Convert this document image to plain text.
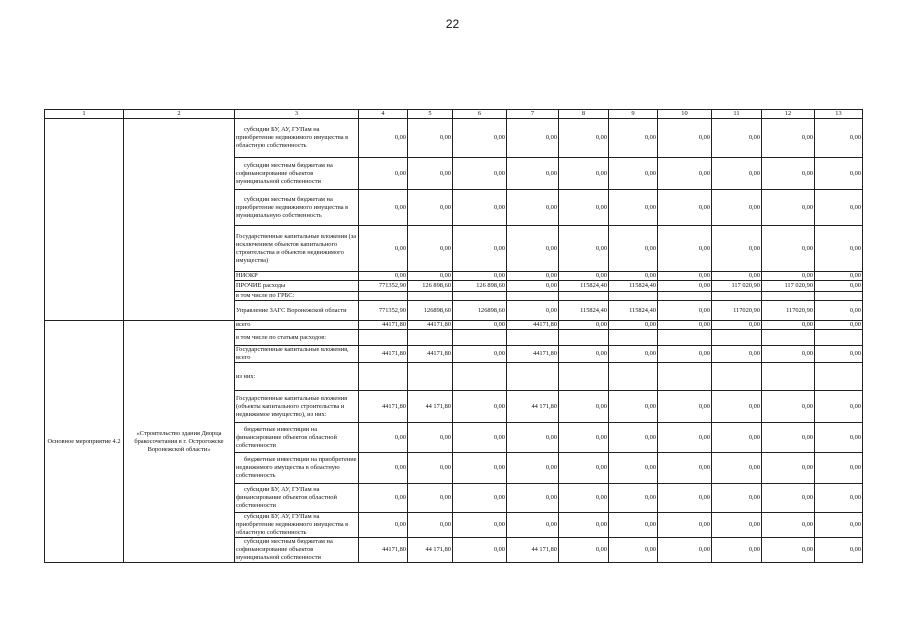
22
1	2	3	4	5	6	7	8	9	10	11	12	13
		субсидии БУ, АУ, ГУПам на приобретение недвижимого имущества в областную собственность	0,00	0,00	0,00	0,00	0,00	0,00	0,00	0,00	0,00	0,00
		субсидии местным бюджетам на софинансирование объектов муниципальной собственности	0,00	0,00	0,00	0,00	0,00	0,00	0,00	0,00	0,00	0,00
		субсидии местным бюджетам на приобретение недвижимого имущества в муниципальную собственность	0,00	0,00	0,00	0,00	0,00	0,00	0,00	0,00	0,00	0,00
		Государственные капитальные вложения (за исключением объектов капитального строительства и объектов недвижимого имущества)	0,00	0,00	0,00	0,00	0,00	0,00	0,00	0,00	0,00	0,00
		НИОКР	0,00	0,00	0,00	0,00	0,00	0,00	0,00	0,00	0,00	0,00
		ПРОЧИЕ расходы	771352,90	126 898,60	126 898,60	0,00	115824,40	115824,40	0,00	117 020,90	117 020,90	0,00
		в том числе по ГРБС:										
		Управление ЗАГС Воронежской области	771352,90	126898,60	126898,60	0,00	115824,40	115824,40	0,00	117020,90	117020,90	0,00
Основное мероприятие 4.2	«Строительство здания Дворца бракосочетания в г. Острогожске Воронежской области»	всего	44171,80	44171,80	0,00	44171,80	0,00	0,00	0,00	0,00	0,00	0,00
		в том числе по статьям расходов:										
		Государственные капитальные вложения, всего	44171,80	44171,80	0,00	44171,80	0,00	0,00	0,00	0,00	0,00	0,00
		из них:										
		Государственные капитальные вложения (объекты капитального строительства и недвижимое имущество), из них:	44171,80	44 171,80	0,00	44 171,80	0,00	0,00	0,00	0,00	0,00	0,00
		бюджетные инвестиции на финансирование объектов областной собственности	0,00	0,00	0,00	0,00	0,00	0,00	0,00	0,00	0,00	0,00
		бюджетные инвестиции на приобретение недвижимого имущества в областную собственность	0,00	0,00	0,00	0,00	0,00	0,00	0,00	0,00	0,00	0,00
		субсидии БУ, АУ, ГУПам на финансирование объектов областной собственности	0,00	0,00	0,00	0,00	0,00	0,00	0,00	0,00	0,00	0,00
		субсидии БУ, АУ, ГУПам на приобретение недвижимого имущества в областную собственность	0,00	0,00	0,00	0,00	0,00	0,00	0,00	0,00	0,00	0,00
		субсидии местным бюджетам на софинансирование объектов муниципальной собственности	44171,80	44 171,80	0,00	44 171,80	0,00	0,00	0,00	0,00	0,00	0,00
